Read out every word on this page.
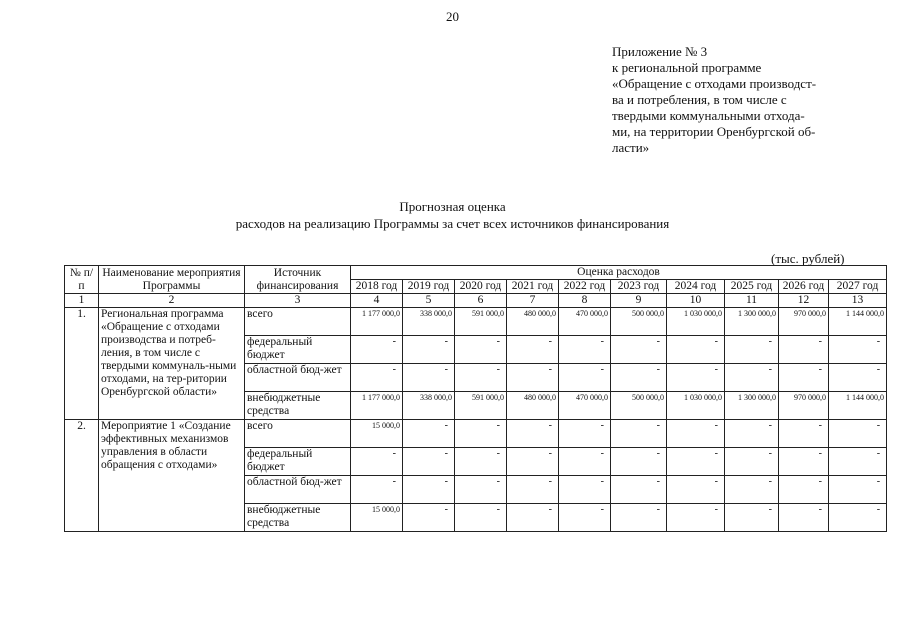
20
Приложение № 3
к региональной программе
«Обращение с отходами производст-
ва и потребления, в том числе с
твердыми коммунальными отхода-
ми, на территории Оренбургской об-
ласти»
Прогнозная оценка
расходов на реализацию Программы за счет всех источников финансирования
(тыс. рублей)
№ п/п	Наименование мероприятия Программы	Источник финансирования	Оценка расходов									
			2018 год	2019 год	2020 год	2021 год	2022 год	2023 год	2024 год	2025 год	2026 год	2027 год
1	2	3	4	5	6	7	8	9	10	11	12	13
1.	Региональная программа «Обращение с отходами производства и потреб-ления, в том числе с твердыми коммуналь-ными отходами, на тер-ритории Оренбургской области»	всего	1 177 000,0	338 000,0	591 000,0	480 000,0	470 000,0	500 000,0	1 030 000,0	1 300 000,0	970 000,0	1 144 000,0
		федеральный бюджет	-	-	-	-	-	-	-	-	-	-
		областной бюд-жет	-	-	-	-	-	-	-	-	-	-
		внебюджетные средства	1 177 000,0	338 000,0	591 000,0	480 000,0	470 000,0	500 000,0	1 030 000,0	1 300 000,0	970 000,0	1 144 000,0
2.	Мероприятие 1 «Создание эффективных механизмов управления в области обращения с отходами»	всего	15 000,0	-	-	-	-	-	-	-	-	-
		федеральный бюджет	-	-	-	-	-	-	-	-	-	-
		областной бюд-жет	-	-	-	-	-	-	-	-	-	-
		внебюджетные средства	15 000,0	-	-	-	-	-	-	-	-	-
